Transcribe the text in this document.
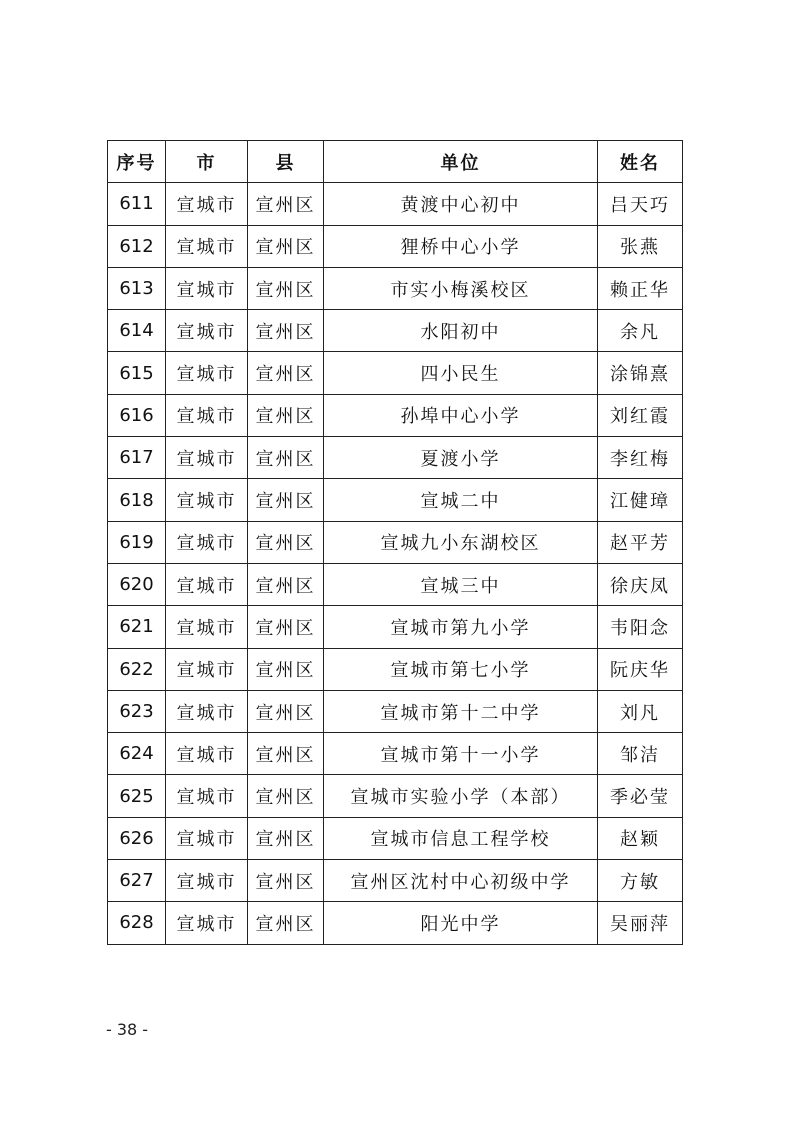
序号	市	县	单位	姓名
611	宣城市	宣州区	黄渡中心初中	吕天巧
612	宣城市	宣州区	狸桥中心小学	张燕
613	宣城市	宣州区	市实小梅溪校区	赖正华
614	宣城市	宣州区	水阳初中	余凡
615	宣城市	宣州区	四小民生	涂锦熹
616	宣城市	宣州区	孙埠中心小学	刘红霞
617	宣城市	宣州区	夏渡小学	李红梅
618	宣城市	宣州区	宣城二中	江健璋
619	宣城市	宣州区	宣城九小东湖校区	赵平芳
620	宣城市	宣州区	宣城三中	徐庆凤
621	宣城市	宣州区	宣城市第九小学	韦阳念
622	宣城市	宣州区	宣城市第七小学	阮庆华
623	宣城市	宣州区	宣城市第十二中学	刘凡
624	宣城市	宣州区	宣城市第十一小学	邹洁
625	宣城市	宣州区	宣城市实验小学（本部）	季必莹
626	宣城市	宣州区	宣城市信息工程学校	赵颖
627	宣城市	宣州区	宣州区沈村中心初级中学	方敏
628	宣城市	宣州区	阳光中学	吴丽萍
- 38 -
